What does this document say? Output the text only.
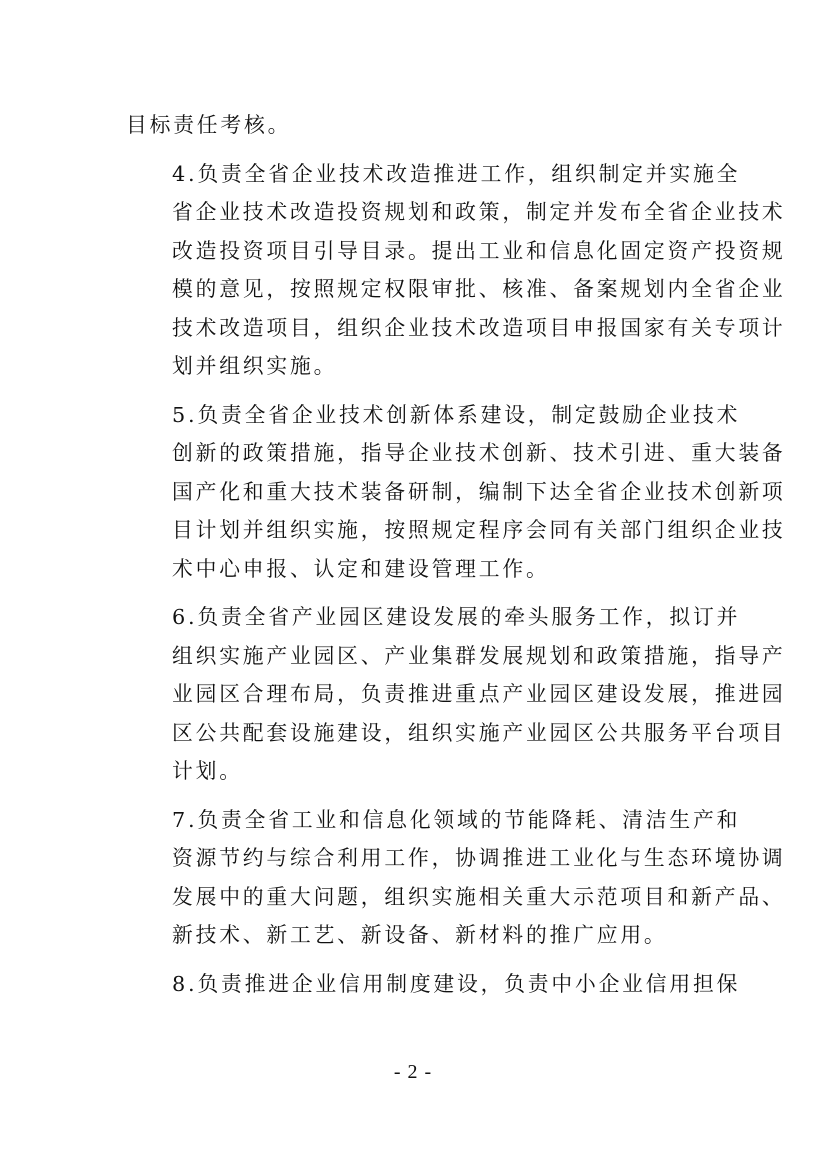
目标责任考核。

4.负责全省企业技术改造推进工作，组织制定并实施全
省企业技术改造投资规划和政策，制定并发布全省企业技术
改造投资项目引导目录。提出工业和信息化固定资产投资规
模的意见，按照规定权限审批、核准、备案规划内全省企业
技术改造项目，组织企业技术改造项目申报国家有关专项计
划并组织实施。

5.负责全省企业技术创新体系建设，制定鼓励企业技术
创新的政策措施，指导企业技术创新、技术引进、重大装备
国产化和重大技术装备研制，编制下达全省企业技术创新项
目计划并组织实施，按照规定程序会同有关部门组织企业技
术中心申报、认定和建设管理工作。

6.负责全省产业园区建设发展的牵头服务工作，拟订并
组织实施产业园区、产业集群发展规划和政策措施，指导产
业园区合理布局，负责推进重点产业园区建设发展，推进园
区公共配套设施建设，组织实施产业园区公共服务平台项目
计划。

7.负责全省工业和信息化领域的节能降耗、清洁生产和
资源节约与综合利用工作，协调推进工业化与生态环境协调
发展中的重大问题，组织实施相关重大示范项目和新产品、
新技术、新工艺、新设备、新材料的推广应用。

8.负责推进企业信用制度建设，负责中小企业信用担保

- 2 -
